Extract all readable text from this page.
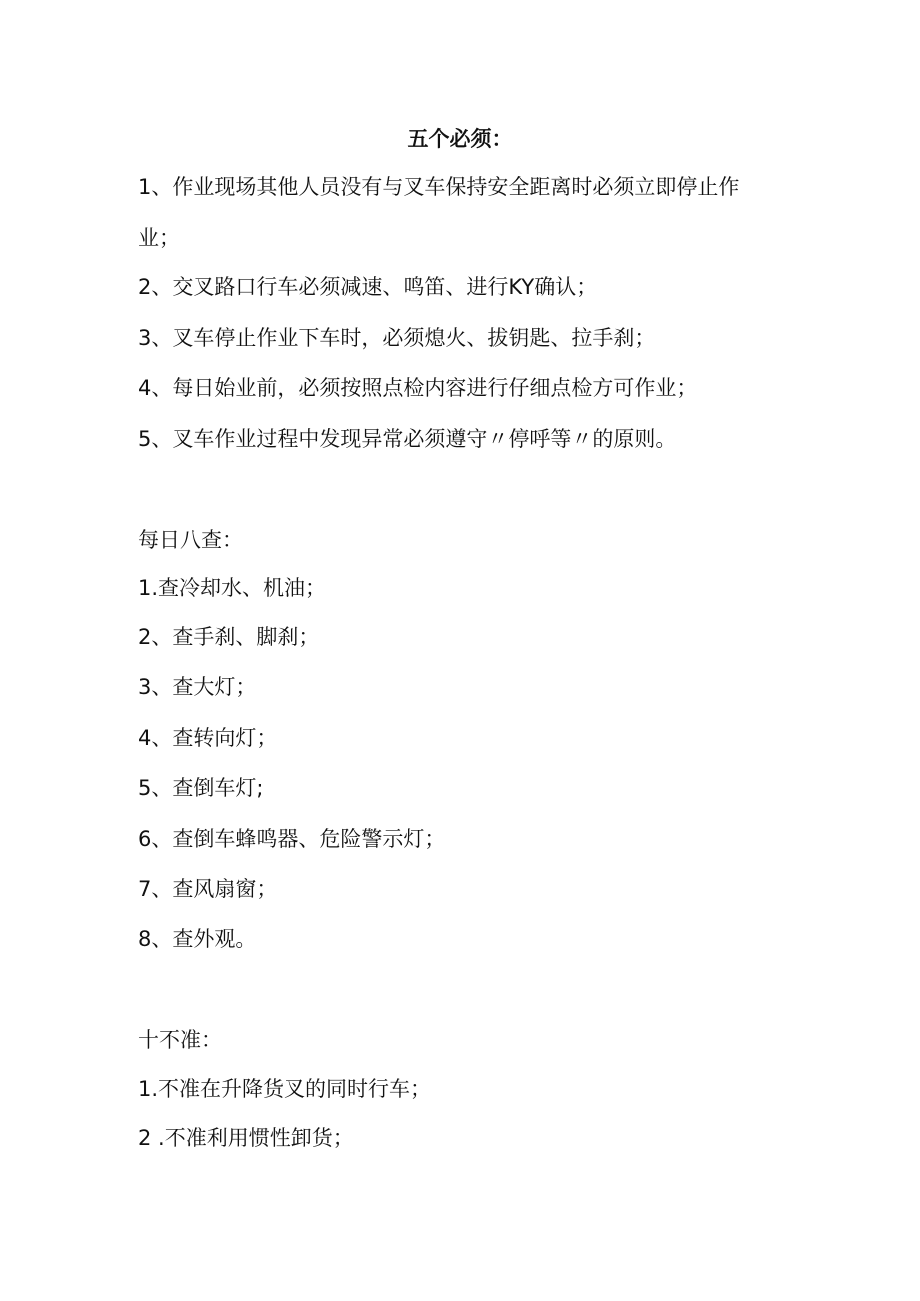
五个必须：
1、作业现场其他人员没有与叉车保持安全距离时必须立即停止作业；
2、交叉路口行车必须减速、鸣笛、进行KY确认；
3、叉车停止作业下车时，必须熄火、拔钥匙、拉手刹；
4、每日始业前，必须按照点检内容进行仔细点检方可作业；
5、叉车作业过程中发现异常必须遵守〃停呼等〃的原则。
每日八查：
1.查冷却水、机油；
2、查手刹、脚刹；
3、查大灯；
4、查转向灯；
5、查倒车灯;
6、查倒车蜂鸣器、危险警示灯；
7、查风扇窗；
8、查外观。
十不准：
1.不准在升降货叉的同时行车；
2 .不准利用惯性卸货；
